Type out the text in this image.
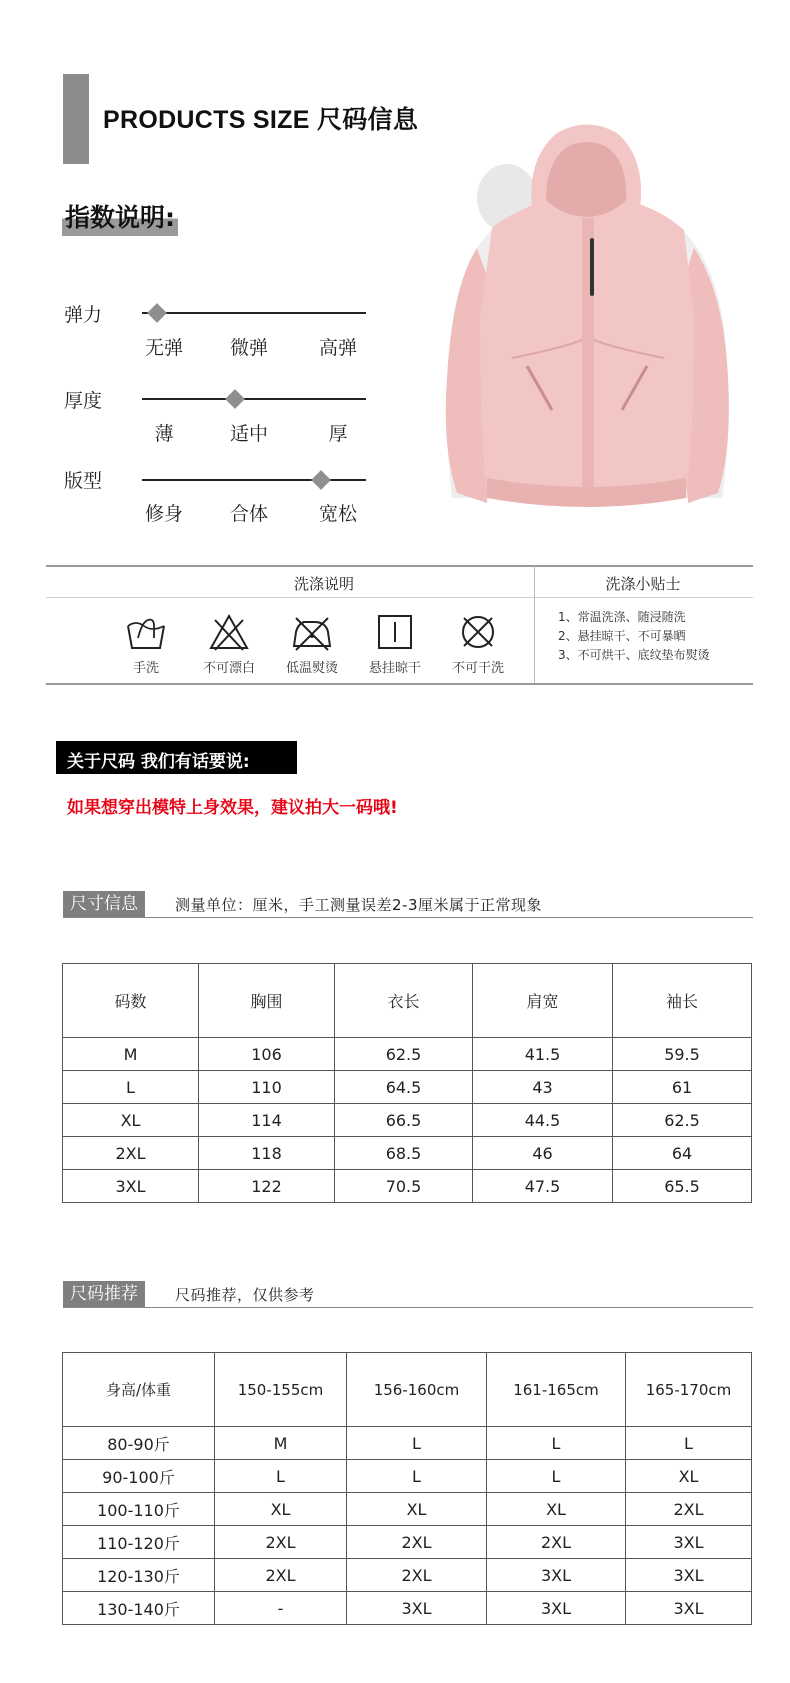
PRODUCTS SIZE 尺码信息
指数说明:
弹力
无弹 微弹	高弹
厚度
薄	适中	厚
版型
修身 合体	宽松
洗涤说明	洗涤小贴士
手洗	不可漂白 低温熨烫 悬挂晾干 不可干洗
1、常温洗涤、随浸随洗
2、悬挂晾干、不可暴晒
3、不可烘干、底纹垫布熨烫
关于尺码 我们有话要说:
如果想穿出模特上身效果，建议拍大一码哦!
尺寸信息	测量单位：厘米，手工测量误差2-3厘米属于正常现象
码数	胸围	衣长	肩宽	袖长
M	106	62.5	41.5	59.5
L	110	64.5	43	61
XL	114	66.5	44.5	62.5
2XL	118	68.5	46	64
3XL	122	70.5	47.5	65.5
尺码推荐	尺码推荐，仅供参考
身高/体重	150-155cm	156-160cm	161-165cm	165-170cm
80-90斤	M	L	L	L
90-100斤	L	L	L	XL
100-110斤	XL	XL	XL	2XL
110-120斤	2XL	2XL	2XL	3XL
120-130斤	2XL	2XL	3XL	3XL
130-140斤	-	3XL	3XL	3XL
